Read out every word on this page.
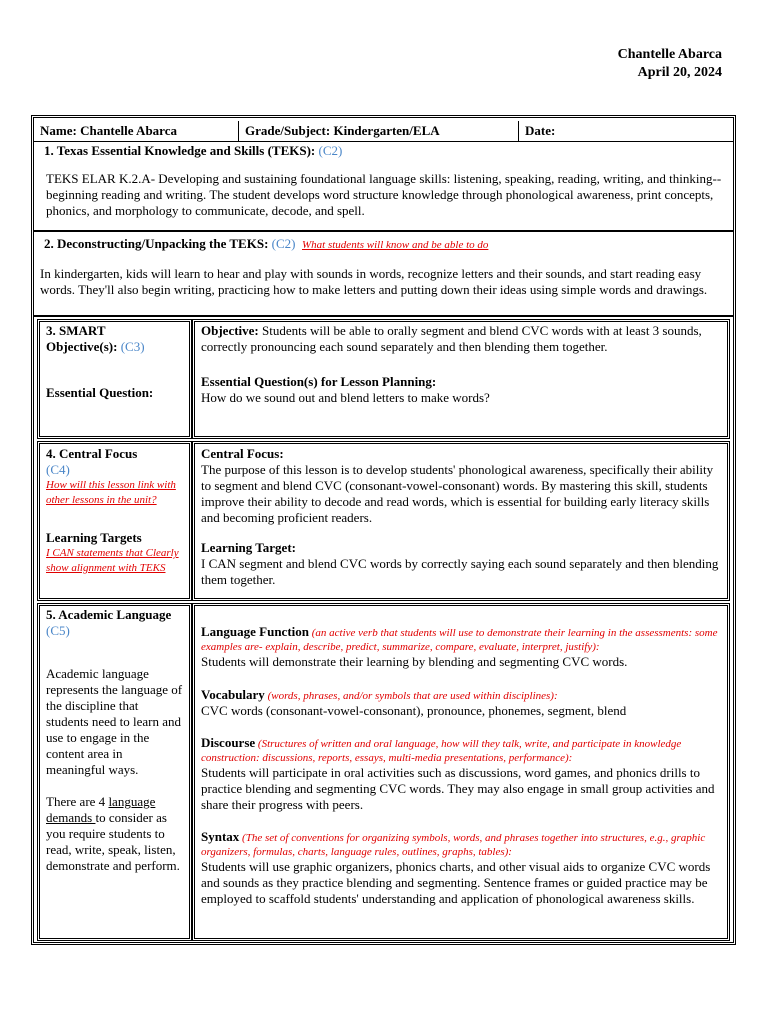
Chantelle Abarca
April 20, 2024
Name: Chantelle Abarca	Grade/Subject: Kindergarten/ELA	Date:
1. Texas Essential Knowledge and Skills (TEKS): (C2)
TEKS ELAR K.2.A- Developing and sustaining foundational language skills: listening, speaking, reading, writing, and thinking--beginning reading and writing. The student develops word structure knowledge through phonological awareness, print concepts, phonics, and morphology to communicate, decode, and spell.
2. Deconstructing/Unpacking the TEKS: (C2) What students will know and be able to do
In kindergarten, kids will learn to hear and play with sounds in words, recognize letters and their sounds, and start reading easy words. They'll also begin writing, practicing how to make letters and putting down their ideas using simple words and drawings.
3. SMART
Objective(s): (C3)
Essential Question:
Objective: Students will be able to orally segment and blend CVC words with at least 3 sounds, correctly pronouncing each sound separately and then blending them together.
Essential Question(s) for Lesson Planning:
How do we sound out and blend letters to make words?
4. Central Focus
(C4)
How will this lesson link with other lessons in the unit?
Learning Targets
I CAN statements that Clearly show alignment with TEKS
Central Focus:
The purpose of this lesson is to develop students' phonological awareness, specifically their ability to segment and blend CVC (consonant-vowel-consonant) words. By mastering this skill, students improve their ability to decode and read words, which is essential for building early literacy skills and becoming proficient readers.
Learning Target:
I CAN segment and blend CVC words by correctly saying each sound separately and then blending them together.
5. Academic Language
(C5)
Academic language represents the language of the discipline that students need to learn and use to engage in the content area in meaningful ways.
There are 4 language demands to consider as you require students to read, write, speak, listen, demonstrate and perform.
Language Function (an active verb that students will use to demonstrate their learning in the assessments: some examples are- explain, describe, predict, summarize, compare, evaluate, interpret, justify):
Students will demonstrate their learning by blending and segmenting CVC words.
Vocabulary (words, phrases, and/or symbols that are used within disciplines):
CVC words (consonant-vowel-consonant), pronounce, phonemes, segment, blend
Discourse (Structures of written and oral language, how will they talk, write, and participate in knowledge construction: discussions, reports, essays, multi-media presentations, performance):
Students will participate in oral activities such as discussions, word games, and phonics drills to practice blending and segmenting CVC words. They may also engage in small group activities and share their progress with peers.
Syntax (The set of conventions for organizing symbols, words, and phrases together into structures, e.g., graphic organizers, formulas, charts, language rules, outlines, graphs, tables):
Students will use graphic organizers, phonics charts, and other visual aids to organize CVC words and sounds as they practice blending and segmenting. Sentence frames or guided practice may be employed to scaffold students' understanding and application of phonological awareness skills.
